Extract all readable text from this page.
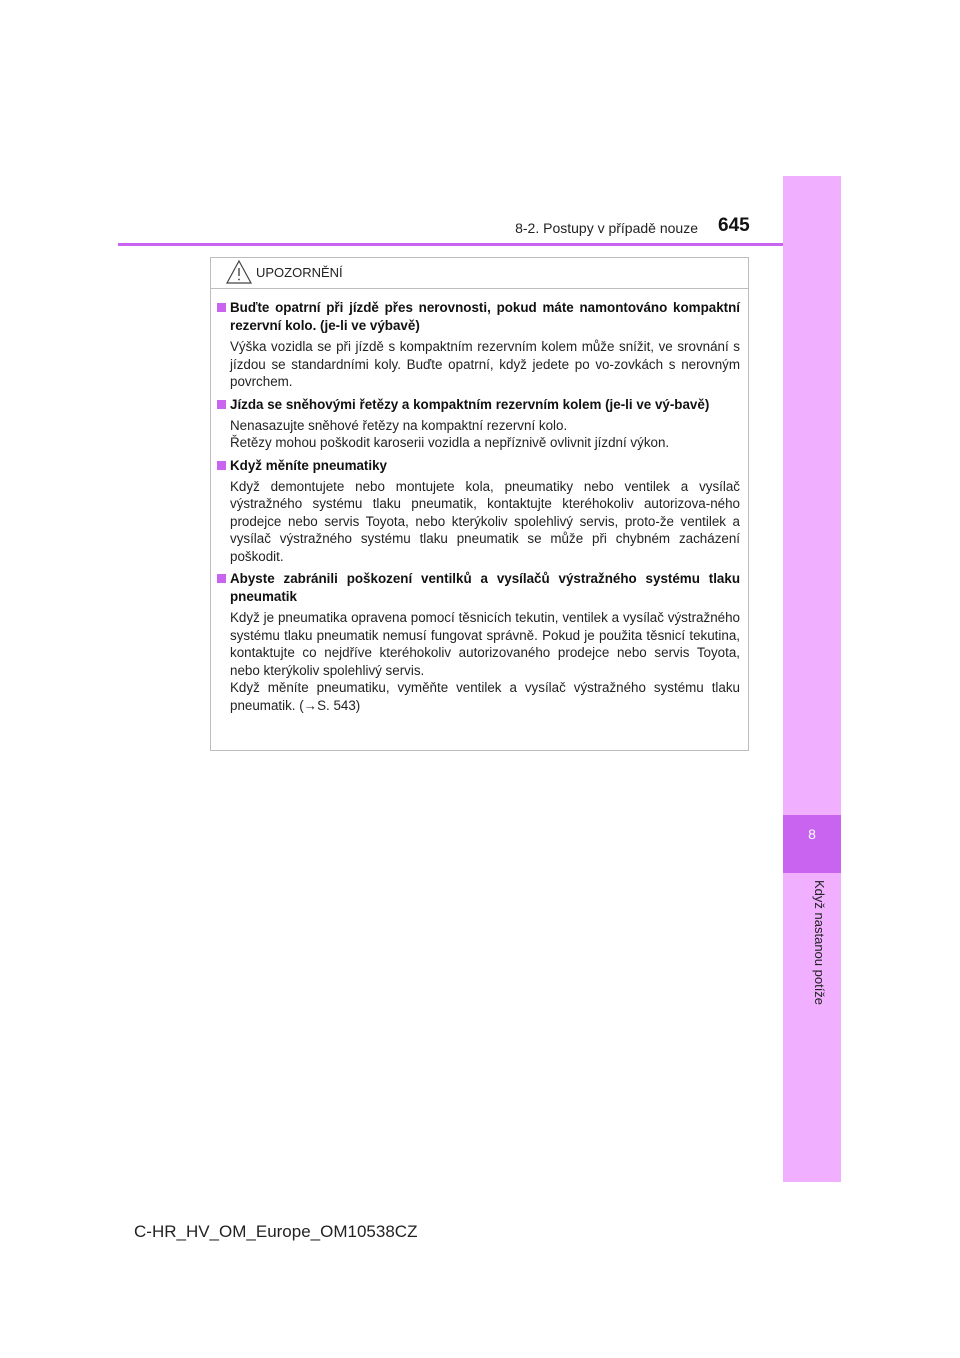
8
Když nastanou potíže
8-2. Postupy v případě nouze 645
UPOZORNĚNÍ
Buďte opatrní při jízdě přes nerovnosti, pokud máte namontováno kompaktní rezervní kolo. (je-li ve výbavě)
Výška vozidla se při jízdě s kompaktním rezervním kolem může snížit, ve srovnání s jízdou se standardními koly. Buďte opatrní, když jedete po vo-zovkách s nerovným povrchem.
Jízda se sněhovými řetězy a kompaktním rezervním kolem (je-li ve vý-bavě)
Nenasazujte sněhové řetězy na kompaktní rezervní kolo.
Řetězy mohou poškodit karoserii vozidla a nepříznivě ovlivnit jízdní výkon.
Když měníte pneumatiky
Když demontujete nebo montujete kola, pneumatiky nebo ventilek a vysílač výstražného systému tlaku pneumatik, kontaktujte kteréhokoliv autorizova-ného prodejce nebo servis Toyota, nebo kterýkoliv spolehlivý servis, proto-že ventilek a vysílač výstražného systému tlaku pneumatik se může při chybném zacházení poškodit.
Abyste zabránili poškození ventilků a vysílačů výstražného systému tlaku pneumatik
Když je pneumatika opravena pomocí těsnicích tekutin, ventilek a vysílač výstražného systému tlaku pneumatik nemusí fungovat správně. Pokud je použita těsnicí tekutina, kontaktujte co nejdříve kteréhokoliv autorizovaného prodejce nebo servis Toyota, nebo kterýkoliv spolehlivý servis.
Když měníte pneumatiku, vyměňte ventilek a vysílač výstražného systému tlaku pneumatik. (→S. 543)
C-HR_HV_OM_Europe_OM10538CZ
